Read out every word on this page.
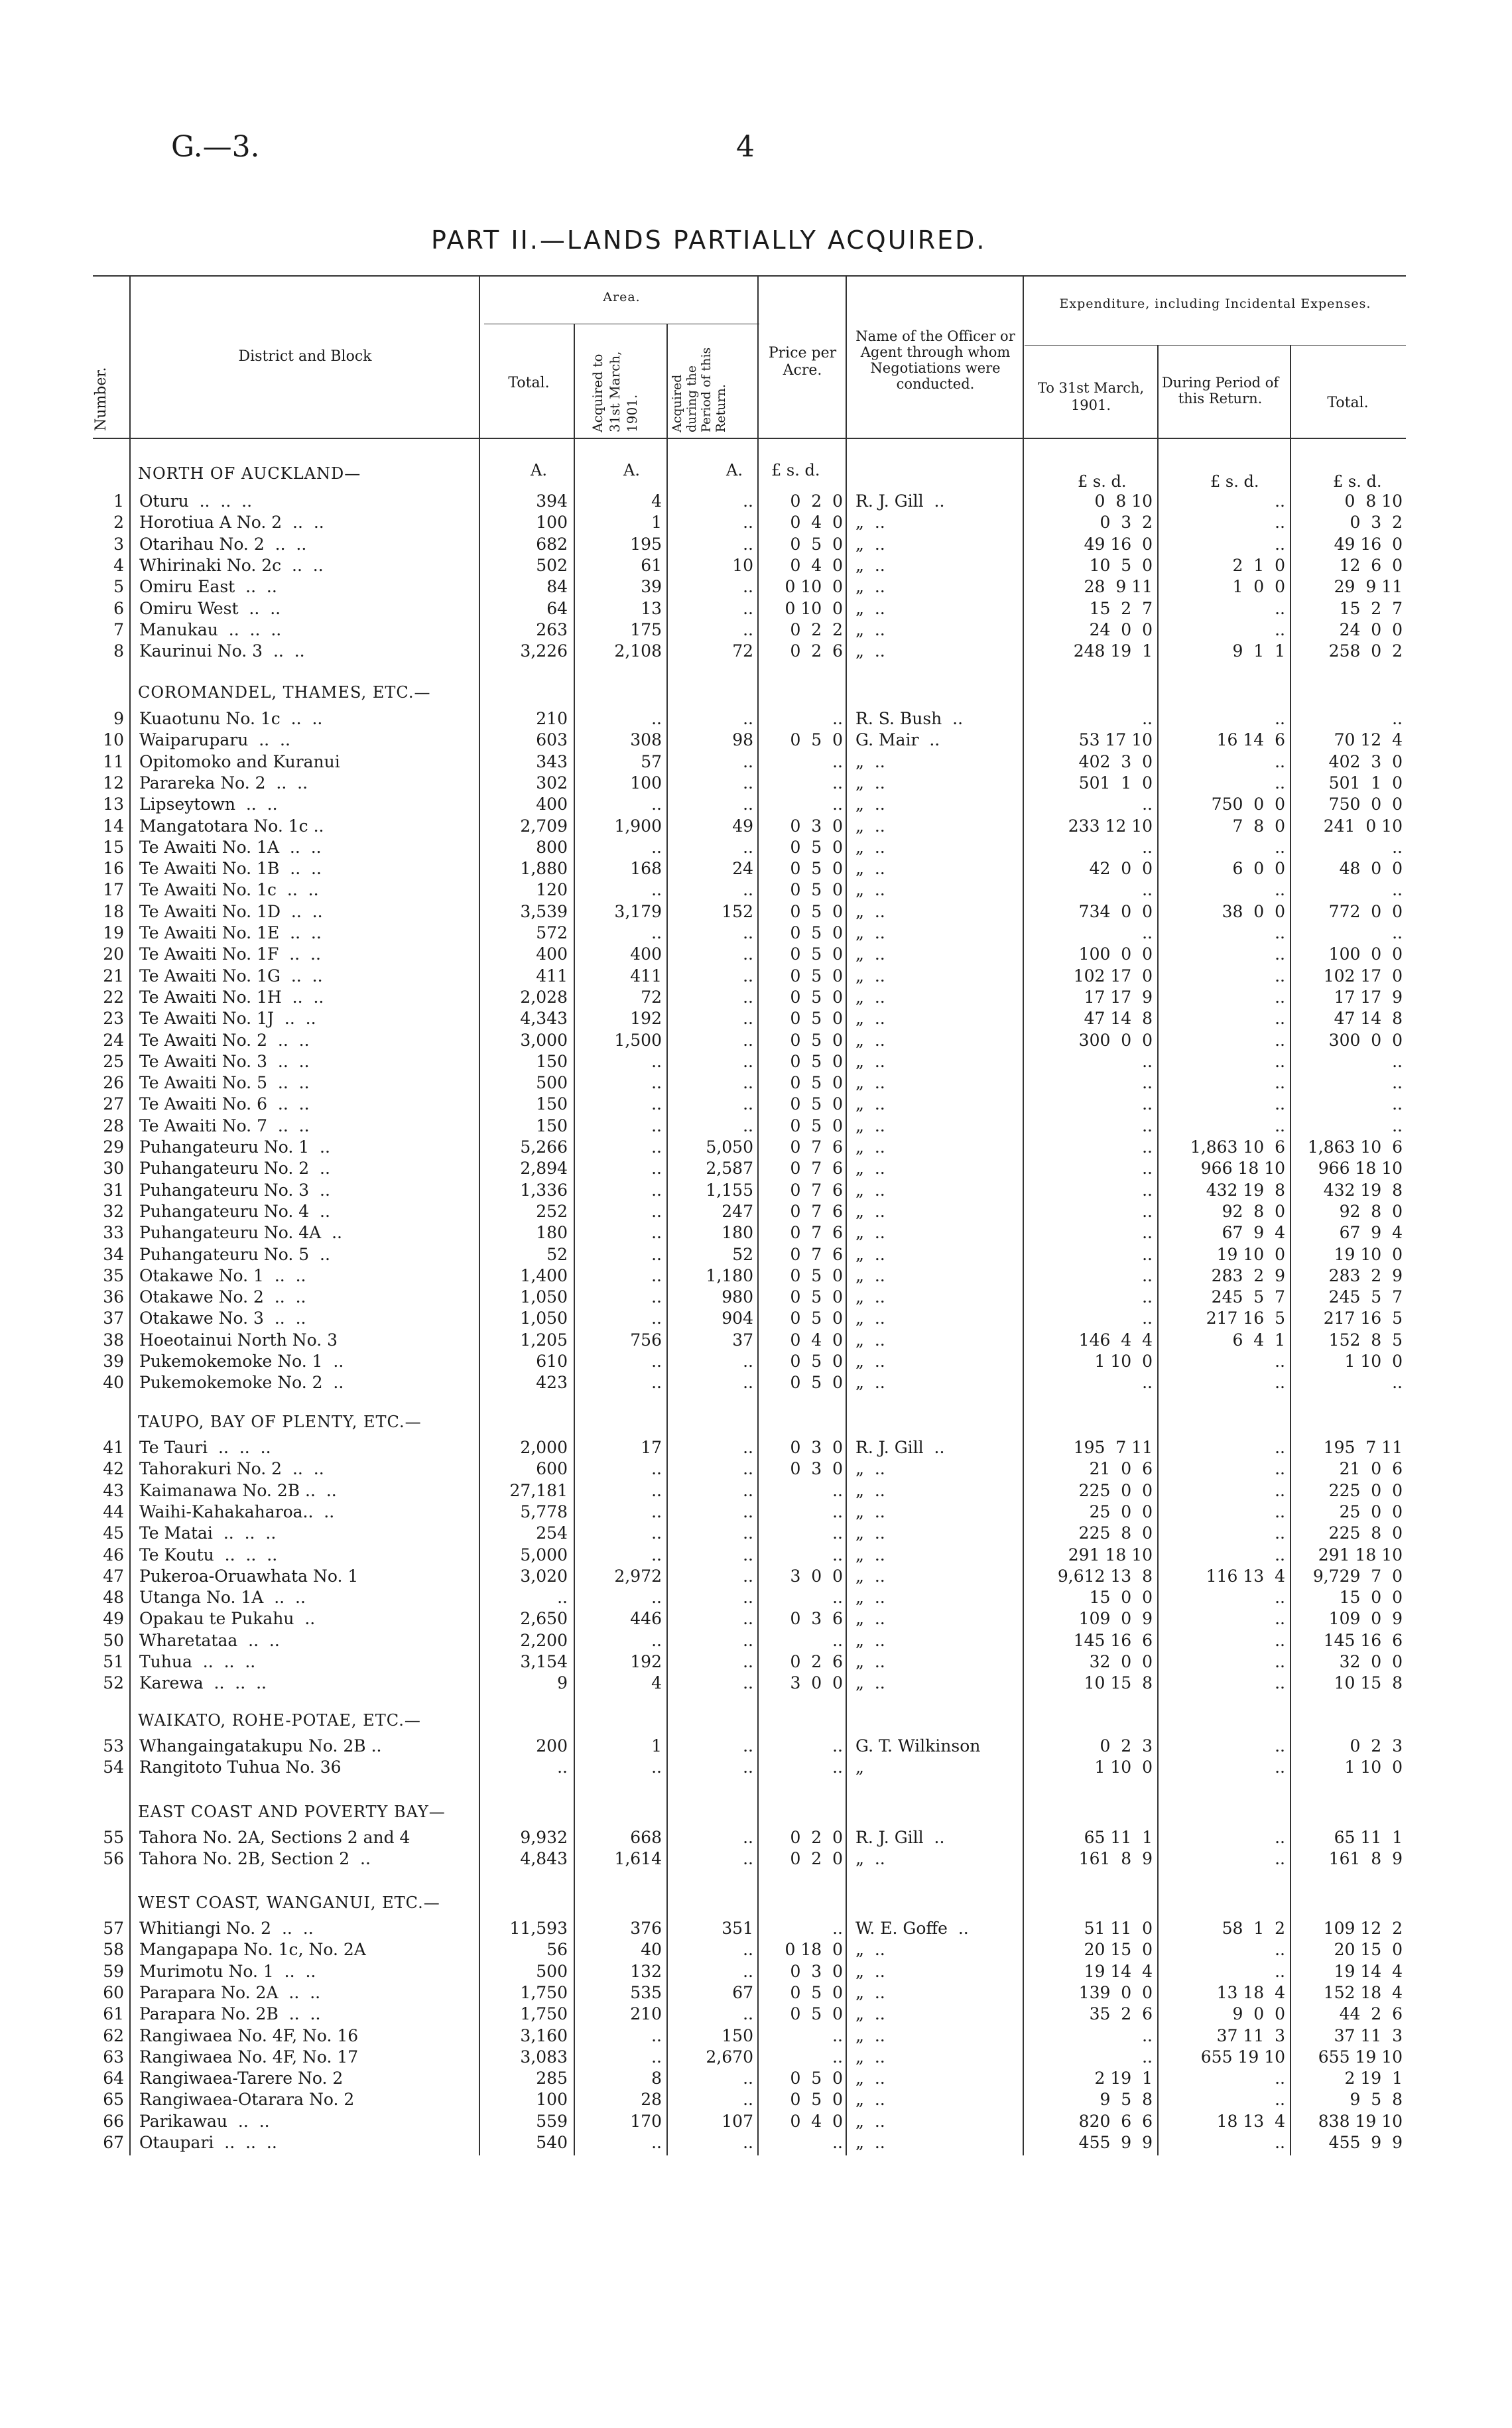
G.—3.	4
PART II.—LANDS PARTIALLY ACQUIRED.
Number.
District and Block
Area.
Total.	Acquired to 31st March, 1901. Acquired during the Period of this Return.
Price per Acre.
Name of the Officer or Agent through whom Negotiations were conducted.
Expenditure, including Incidental Expenses.
To 31st March, 1901.
During Period of this Return.	Total.
A.	A.	A. £ s. d.
£ s. d.	£ s. d.	£ s. d.
NORTH OF AUCKLAND—
COROMANDEL, THAMES, ETC.—
TAUPO, BAY OF PLENTY, ETC.—
WAIKATO, ROHE-POTAE, ETC.—
EAST COAST AND POVERTY BAY—
WEST COAST, WANGANUI, ETC.—
1 Oturu  ..  ..  ..	394	4	..	0  2  0 R. J. Gill  ..	0  8 10	..	0  8 10
2 Horotiua A No. 2  ..  ..	100	1	..	0  4  0 „  ..	0  3  2	..	0  3  2
3 Otarihau No. 2  ..  ..	682	195	..	0  5  0 „  ..	49 16  0	..	49 16  0
4 Whirinaki No. 2c  ..  ..	502	61	10	0  4  0 „  ..	10  5  0	2  1  0	12  6  0
5 Omiru East  ..  ..	84	39	..	0 10  0 „  ..	28  9 11	1  0  0	29  9 11
6 Omiru West  ..  ..	64	13	..	0 10  0 „  ..	15  2  7	..	15  2  7
7 Manukau  ..  ..  ..	263	175	..	0  2  2 „  ..	24  0  0	..	24  0  0
8 Kaurinui No. 3  ..  ..	3,226	2,108	72	0  2  6 „  ..	248 19  1	9  1  1	258  0  2
9 Kuaotunu No. 1c  ..  ..	210	..	..	.. R. S. Bush  ..	..	..	..
10 Waiparuparu  ..  ..	603	308	98	0  5  0 G. Mair  ..	53 17 10	16 14  6	70 12  4
11 Opitomoko and Kuranui	343	57	..	.. „  ..	402  3  0	..	402  3  0
12 Parareka No. 2  ..  ..	302	100	..	.. „  ..	501  1  0	..	501  1  0
13 Lipseytown  ..  ..	400	..	..	.. „  ..	..	750  0  0	750  0  0
14 Mangatotara No. 1c ..	2,709	1,900	49	0  3  0 „  ..	233 12 10	7  8  0	241  0 10
15 Te Awaiti No. 1A  ..  ..	800	..	..	0  5  0 „  ..	..	..	..
16 Te Awaiti No. 1B  ..  ..	1,880	168	24	0  5  0 „  ..	42  0  0	6  0  0	48  0  0
17 Te Awaiti No. 1c  ..  ..	120	..	..	0  5  0 „  ..	..	..	..
18 Te Awaiti No. 1D  ..  ..	3,539	3,179	152	0  5  0 „  ..	734  0  0	38  0  0	772  0  0
19 Te Awaiti No. 1E  ..  ..	572	..	..	0  5  0 „  ..	..	..	..
20 Te Awaiti No. 1F  ..  ..	400	400	..	0  5  0 „  ..	100  0  0	..	100  0  0
21 Te Awaiti No. 1G  ..  ..	411	411	..	0  5  0 „  ..	102 17  0	..	102 17  0
22 Te Awaiti No. 1H  ..  ..	2,028	72	..	0  5  0 „  ..	17 17  9	..	17 17  9
23 Te Awaiti No. 1J  ..  ..	4,343	192	..	0  5  0 „  ..	47 14  8	..	47 14  8
24 Te Awaiti No. 2  ..  ..	3,000	1,500	..	0  5  0 „  ..	300  0  0	..	300  0  0
25 Te Awaiti No. 3  ..  ..	150	..	..	0  5  0 „  ..	..	..	..
26 Te Awaiti No. 5  ..  ..	500	..	..	0  5  0 „  ..	..	..	..
27 Te Awaiti No. 6  ..  ..	150	..	..	0  5  0 „  ..	..	..	..
28 Te Awaiti No. 7  ..  ..	150	..	..	0  5  0 „  ..	..	..	..
29 Puhangateuru No. 1  ..	5,266	..	5,050	0  7  6 „  ..	..	1,863 10  6	1,863 10  6
30 Puhangateuru No. 2  ..	2,894	..	2,587	0  7  6 „  ..	..	966 18 10	966 18 10
31 Puhangateuru No. 3  ..	1,336	..	1,155	0  7  6 „  ..	..	432 19  8	432 19  8
32 Puhangateuru No. 4  ..	252	..	247	0  7  6 „  ..	..	92  8  0	92  8  0
33 Puhangateuru No. 4A  ..	180	..	180	0  7  6 „  ..	..	67  9  4	67  9  4
34 Puhangateuru No. 5  ..	52	..	52	0  7  6 „  ..	..	19 10  0	19 10  0
35 Otakawe No. 1  ..  ..	1,400	..	1,180	0  5  0 „  ..	..	283  2  9	283  2  9
36 Otakawe No. 2  ..  ..	1,050	..	980	0  5  0 „  ..	..	245  5  7	245  5  7
37 Otakawe No. 3  ..  ..	1,050	..	904	0  5  0 „  ..	..	217 16  5	217 16  5
38 Hoeotainui North No. 3	1,205	756	37	0  4  0 „  ..	146  4  4	6  4  1	152  8  5
39 Pukemokemoke No. 1  ..	610	..	..	0  5  0 „  ..	1 10  0	..	1 10  0
40 Pukemokemoke No. 2  ..	423	..	..	0  5  0 „  ..	..	..	..
41 Te Tauri  ..  ..  ..	2,000	17	..	0  3  0 R. J. Gill  ..	195  7 11	..	195  7 11
42 Tahorakuri No. 2  ..  ..	600	..	..	0  3  0 „  ..	21  0  6	..	21  0  6
43 Kaimanawa No. 2B ..  ..	27,181	..	..	.. „  ..	225  0  0	..	225  0  0
44 Waihi-Kahakaharoa..  ..	5,778	..	..	.. „  ..	25  0  0	..	25  0  0
45 Te Matai  ..  ..  ..	254	..	..	.. „  ..	225  8  0	..	225  8  0
46 Te Koutu  ..  ..  ..	5,000	..	..	.. „  ..	291 18 10	..	291 18 10
47 Pukeroa-Oruawhata No. 1	3,020	2,972	..	3  0  0 „  ..	9,612 13  8	116 13  4	9,729  7  0
48 Utanga No. 1A  ..  ..	..	..	..	.. „  ..	15  0  0	..	15  0  0
49 Opakau te Pukahu  ..	2,650	446	..	0  3  6 „  ..	109  0  9	..	109  0  9
50 Wharetataa  ..  ..	2,200	..	..	.. „  ..	145 16  6	..	145 16  6
51 Tuhua  ..  ..  ..	3,154	192	..	0  2  6 „  ..	32  0  0	..	32  0  0
52 Karewa  ..  ..  ..	9	4	..	3  0  0 „  ..	10 15  8	..	10 15  8
53 Whangaingatakupu No. 2B ..	200	1	..	.. G. T. Wilkinson	0  2  3	..	0  2  3
54 Rangitoto Tuhua No. 36	..	..	..	.. „	1 10  0	..	1 10  0
55 Tahora No. 2A, Sections 2 and 4	9,932	668	..	0  2  0 R. J. Gill  ..	65 11  1	..	65 11  1
56 Tahora No. 2B, Section 2  ..	4,843	1,614	..	0  2  0 „  ..	161  8  9	..	161  8  9
57 Whitiangi No. 2  ..  ..	11,593	376	351	.. W. E. Goffe  ..	51 11  0	58  1  2	109 12  2
58 Mangapapa No. 1c, No. 2A	56	40	..	0 18  0 „  ..	20 15  0	..	20 15  0
59 Murimotu No. 1  ..  ..	500	132	..	0  3  0 „  ..	19 14  4	..	19 14  4
60 Parapara No. 2A  ..  ..	1,750	535	67	0  5  0 „  ..	139  0  0	13 18  4	152 18  4
61 Parapara No. 2B  ..  ..	1,750	210	..	0  5  0 „  ..	35  2  6	9  0  0	44  2  6
62 Rangiwaea No. 4F, No. 16	3,160	..	150	.. „  ..	..	37 11  3	37 11  3
63 Rangiwaea No. 4F, No. 17	3,083	..	2,670	.. „  ..	..	655 19 10	655 19 10
64 Rangiwaea-Tarere No. 2	285	8	..	0  5  0 „  ..	2 19  1	..	2 19  1
65 Rangiwaea-Otarara No. 2	100	28	..	0  5  0 „  ..	9  5  8	..	9  5  8
66 Parikawau  ..  ..	559	170	107	0  4  0 „  ..	820  6  6	18 13  4	838 19 10
67 Otaupari  ..  ..  ..	540	..	..	.. „  ..	455  9  9	..	455  9  9
